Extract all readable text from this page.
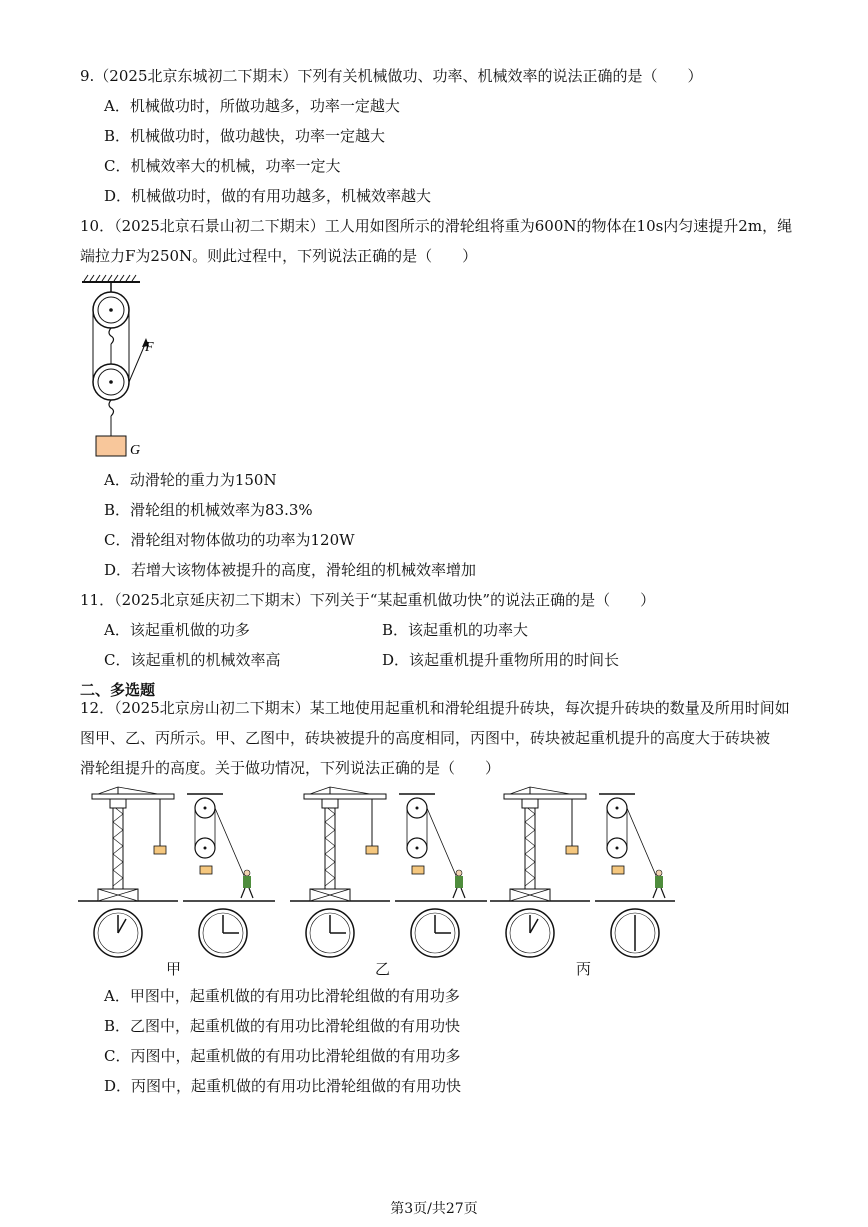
9.（2025北京东城初二下期末）下列有关机械做功、功率、机械效率的说法正确的是（　　）
A．机械做功时，所做功越多，功率一定越大
B．机械做功时，做功越快，功率一定越大
C．机械效率大的机械，功率一定大
D．机械做功时，做的有用功越多，机械效率越大
10．（2025北京石景山初二下期末）工人用如图所示的滑轮组将重为600N的物体在10s内匀速提升2m，绳
端拉力F为250N。则此过程中，下列说法正确的是（　　）
F
G
A．动滑轮的重力为150N
B．滑轮组的机械效率为83.3%
C．滑轮组对物体做功的功率为120W
D．若增大该物体被提升的高度，滑轮组的机械效率增加
11．（2025北京延庆初二下期末）下列关于“某起重机做功快”的说法正确的是（　　）
A．该起重机做的功多	B．该起重机的功率大
C．该起重机的机械效率高	D．该起重机提升重物所用的时间长
二、多选题
12．（2025北京房山初二下期末）某工地使用起重机和滑轮组提升砖块，每次提升砖块的数量及所用时间如
图甲、乙、丙所示。甲、乙图中，砖块被提升的高度相同，丙图中，砖块被起重机提升的高度大于砖块被
滑轮组提升的高度。关于做功情况，下列说法正确的是（　　）
甲	乙	丙
A．甲图中，起重机做的有用功比滑轮组做的有用功多
B．乙图中，起重机做的有用功比滑轮组做的有用功快
C．丙图中，起重机做的有用功比滑轮组做的有用功多
D．丙图中，起重机做的有用功比滑轮组做的有用功快
第3页/共27页
